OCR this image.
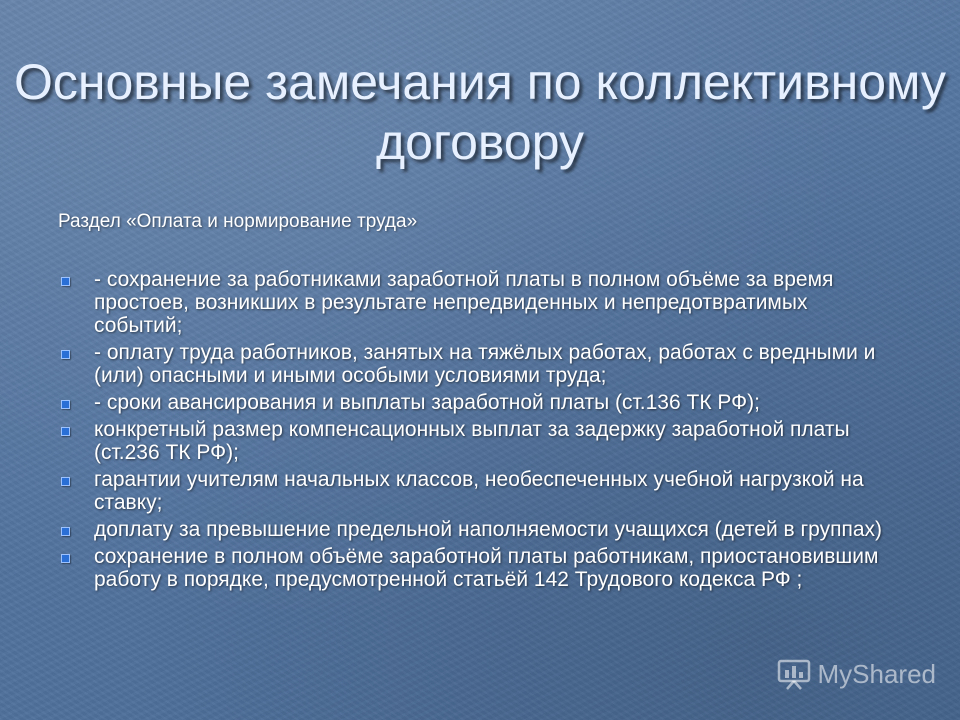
Основные замечания по коллективному договору

Раздел «Оплата и нормирование труда»

- сохранение за работниками заработной платы в полном объёме за время простоев, возникших в результате непредвиденных и непредотвратимых событий;
- оплату труда работников, занятых на тяжёлых работах, работах с вредными и (или) опасными и иными особыми условиями труда;
- сроки авансирования и выплаты заработной платы (ст.136 ТК РФ);
конкретный размер компенсационных выплат за задержку заработной платы (ст.236 ТК РФ);
гарантии учителям начальных классов, необеспеченных учебной нагрузкой на ставку;
доплату за превышение предельной наполняемости учащихся (детей в группах)
сохранение в полном объёме заработной платы работникам, приостановившим работу в порядке, предусмотренной статьёй 142 Трудового кодекса РФ ;
MyShared
